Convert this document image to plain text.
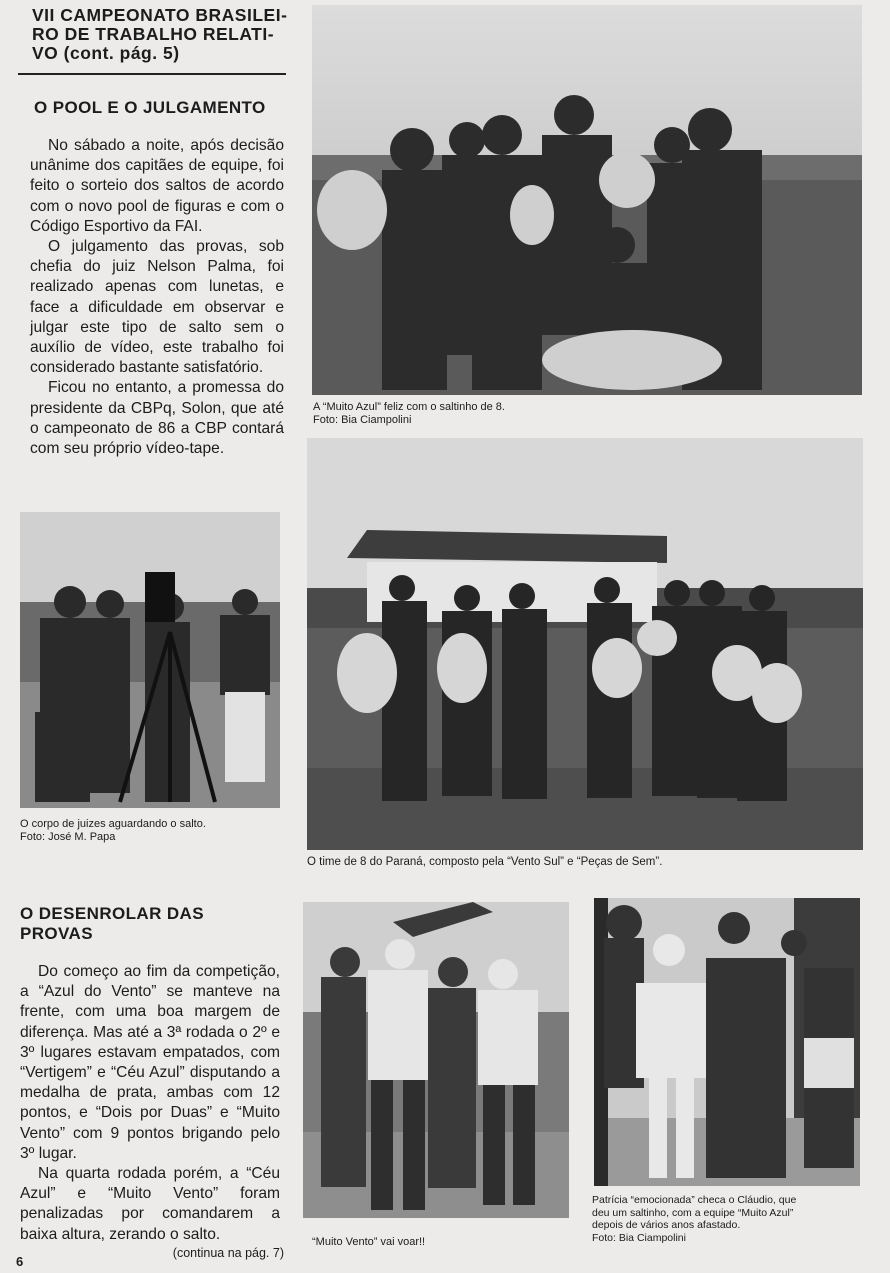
VII CAMPEONATO BRASILEI-
RO DE TRABALHO RELATI-
VO (cont. pág. 5)
O POOL E O JULGAMENTO

No sábado a noite, após decisão unânime dos capitães de equipe, foi feito o sorteio dos saltos de acordo com o novo pool de figuras e com o Código Esportivo da FAI.

O julgamento das provas, sob chefia do juiz Nelson Palma, foi realizado apenas com lunetas, e face a dificuldade em observar e julgar este tipo de salto sem o auxílio de vídeo, este trabalho foi considerado bastante satisfatório.

Ficou no entanto, a promessa do presidente da CBPq, Solon, que até o campeonato de 86 a CBP contará com seu próprio vídeo-tape.

A “Muito Azul” feliz com o saltinho de 8.
Foto: Bia Ciampolini
O corpo de juizes aguardando o salto.
Foto: José M. Papa
O time de 8 do Paraná, composto pela “Vento Sul” e “Peças de Sem”.
O DESENROLAR DAS
PROVAS

Do começo ao fim da competição, a “Azul do Vento” se manteve na frente, com uma boa margem de diferença. Mas até a 3ª rodada o 2º e 3º lugares estavam empatados, com “Vertigem” e “Céu Azul” disputando a medalha de prata, ambas com 12 pontos, e “Dois por Duas” e “Muito Vento” com 9 pontos brigando pelo 3º lugar.

Na quarta rodada porém, a “Céu Azul” e “Muito Vento” foram penalizadas por comandarem a baixa altura, zerando o salto.

(continua na pág. 7)
“Muito Vento” vai voar!!
Patrícia “emocionada” checa o Cláudio, que
deu um saltinho, com a equipe “Muito Azul”
depois de vários anos afastado.
Foto: Bia Ciampolini
6
